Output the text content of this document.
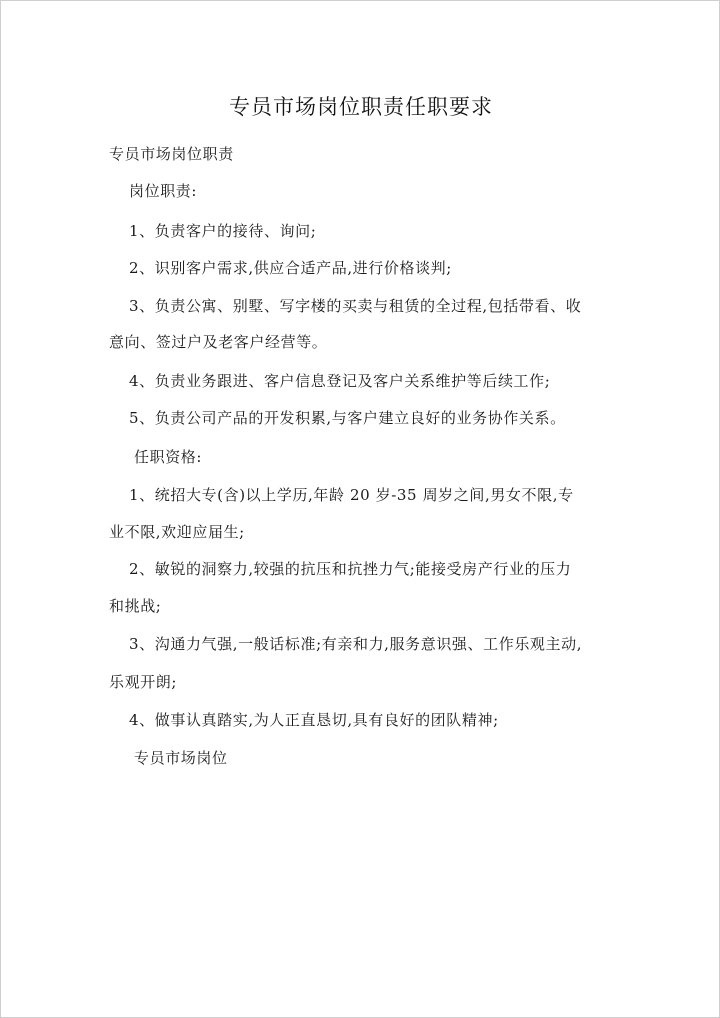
专员市场岗位职责任职要求
专员市场岗位职责
岗位职责:
1、负责客户的接待、询问;
2、识别客户需求,供应合适产品,进行价格谈判;
3、负责公寓、别墅、写字楼的买卖与租赁的全过程,包括带看、收
意向、签过户及老客户经营等。
4、负责业务跟进、客户信息登记及客户关系维护等后续工作;
5、负责公司产品的开发积累,与客户建立良好的业务协作关系。
任职资格:
1、统招大专(含)以上学历,年龄 20 岁-35 周岁之间,男女不限,专
业不限,欢迎应届生;
2、敏锐的洞察力,较强的抗压和抗挫力气;能接受房产行业的压力
和挑战;
3、沟通力气强,一般话标准;有亲和力,服务意识强、工作乐观主动,
乐观开朗;
4、做事认真踏实,为人正直恳切,具有良好的团队精神;
专员市场岗位
